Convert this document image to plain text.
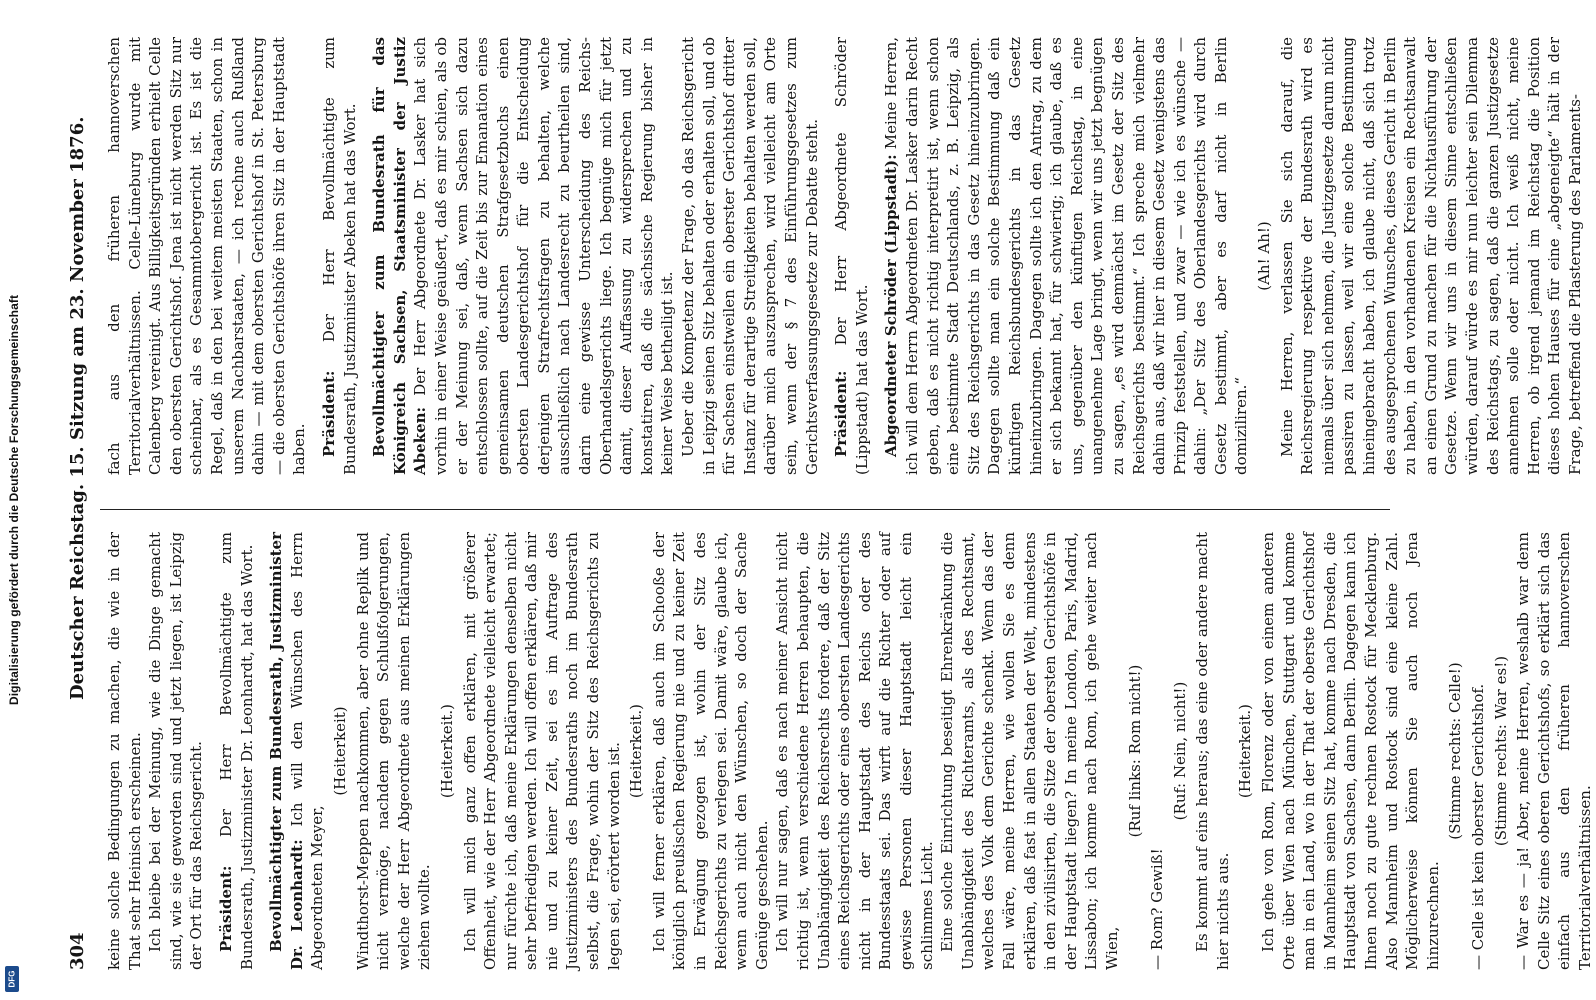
Digitalisierung gefördert durch die Deutsche Forschungsgemeinschaft
DFG
304
Deutscher Reichstag. 15. Sitzung am 23. November 1876.

keine solche Bedingungen zu machen, die wie in der That sehr Heinisch erscheinen. Ich bleibe bei der Meinung, wie die Dinge gemacht sind, wie sie geworden sind und jetzt liegen, ist Leipzig der Ort für das Reichsgericht. Präsident: Der Herr Bevollmächtigte zum Bundesrath, Justizminister Dr. Leonhardt, hat das Wort. Bevollmächtigter zum Bundesrath, Justizminister Dr. Leonhardt: Ich will den Wünschen des Herrn Abgeordneten Meyer,

(Heiterkeit) Windthorst-Meppen nachkommen, aber ohne Replik und nicht vermöge, nachdem gegen Schlußfolgerungen, welche der Herr Abgeordnete aus meinen Erklärungen ziehen wollte.

(Heiterkeit.) Ich will mich ganz offen erklären, mit größerer Offenheit, wie der Herr Abgeordnete vielleicht erwartet; nur fürchte ich, daß meine Erklärungen denselben nicht sehr befriedigen werden. Ich will offen erklären, daß mir nie und zu keiner Zeit, sei es im Auftrage des Justizministers des Bundesraths noch im Bundesrath selbst, die Frage, wohin der Sitz des Reichsgerichts zu legen sei, erörtert worden ist. (Heiterkeit.) Ich will ferner erklären, daß auch im Schooße der königlich preußischen Regierung nie und zu keiner Zeit in Erwägung gezogen ist, wohin der Sitz des Reichsgerichts zu verlegen sei. Damit wäre, glaube ich, wenn auch nicht den Wünschen, so doch der Sache Genüge geschehen. Ich will nur sagen, daß es nach meiner Ansicht nicht richtig ist, wenn verschiedene Herren behaupten, die Unabhängigkeit des Reichsrechts fordere, daß der Sitz eines Reichsgerichts oder eines obersten Landesgerichts nicht in der Hauptstadt des Reichs oder des Bundesstaats sei. Das wirft auf die Richter oder auf gewisse Personen dieser Hauptstadt leicht ein schlimmes Licht. Eine solche Einrichtung beseitigt Ehrenkränkung die Unabhängigkeit des Richteramts, als des Rechtsamt, welches des Volk dem Gerichte schenkt. Wenn das der Fall wäre, meine Herren, wie wollen Sie es denn erklären, daß fast in allen Staaten der Welt, mindestens in den zivilisirten, die Sitze der obersten Gerichtshöfe in der Hauptstadt liegen? In meine London, Paris, Madrid, Lissabon; ich komme nach Rom, ich gehe weiter nach Wien,

(Ruf links: Rom nicht!)

— Rom? Gewiß!

(Ruf: Nein, nicht!) Es kommt auf eins heraus; das eine oder andere macht hier nichts aus.

(Heiterkeit.) Ich gehe von Rom, Florenz oder von einem anderen Orte über Wien nach München, Stuttgart und komme man in ein Land, wo in der That der oberste Gerichtshof in Mannheim seinen Sitz hat, komme nach Dresden, die Hauptstadt von Sachsen, dann Berlin. Dagegen kann ich Ihnen noch zu gute rechnen Rostock für Mecklenburg. Also Mannheim und Rostock sind eine kleine Zahl. Möglicherweise können Sie auch noch Jena hinzurechnen.

(Stimme rechts: Celle!) — Celle ist kein oberster Gerichtshof. (Stimme rechts: War es!) — War es — ja! Aber, meine Herren, weshalb war denn Celle Sitz eines oberen Gerichtshofs, so erklärt sich das einfach aus den früheren hannoverschen Territorialverhältnissen.

fach aus den früheren hannoverschen Territorialverhältnissen. Celle-Lüneburg wurde mit Calenberg vereinigt. Aus Billigkeitsgründen erhielt Celle den obersten Gerichtshof. Jena ist nicht werden Sitz nur scheinbar, als es Gesammtobergericht ist. Es ist die Regel, daß in den bei weitem meisten Staaten, schon in unserem Nachbarstaaten, — ich rechne auch Rußland dahin — mit dem obersten Gerichtshof in St. Petersburg — die obersten Gerichtshöfe ihren Sitz in der Hauptstadt haben. Präsident: Der Herr Bevollmächtigte zum Bundesrath, Justizminister Abeken hat das Wort. Bevollmächtigter zum Bundesrath für das Königreich Sachsen, Staatsminister der Justiz Abeken: Der Herr Abgeordnete Dr. Lasker hat sich vorhin in einer Weise geäußert, daß es mir schien, als ob er der Meinung sei, daß, wenn Sachsen sich dazu entschlossen sollte, auf die Zeit bis zur Emanation eines gemeinsamen deutschen Strafgesetzbuchs einen obersten Landesgerichtshof für die Entscheidung derjenigen Strafrechtsfragen zu behalten, welche ausschließlich nach Landesrecht zu beurtheilen sind, darin eine gewisse Unterscheidung des Reichs-Oberhandelsgerichts liege. Ich begnüge mich für jetzt damit, dieser Auffassung zu widersprechen und zu konstatiren, daß die sächsische Regierung bisher in keiner Weise betheiligt ist. Ueber die Kompetenz der Frage, ob das Reichsgericht in Leipzig seinen Sitz behalten oder erhalten soll, und ob für Sachsen einstweilen ein oberster Gerichtshof dritter Instanz für derartige Streitigkeiten behalten werden soll, darüber mich auszusprechen, wird vielleicht am Orte sein, wenn der § 7 des Einführungsgesetzes zum Gerichtsverfassungsgesetze zur Debatte steht. Präsident: Der Herr Abgeordnete Schröder (Lippstadt) hat das Wort. Abgeordneter Schröder (Lippstadt): Meine Herren, ich will dem Herrn Abgeordneten Dr. Lasker darin Recht geben, daß es nicht richtig interpretirt ist, wenn schon eine bestimmte Stadt Deutschlands, z. B. Leipzig, als Sitz des Reichsgerichts in das Gesetz hineinzubringen. Dagegen sollte man ein solche Bestimmung daß ein künftigen Reichsbundesgerichts in das Gesetz hineinzubringen. Dagegen sollte ich den Antrag, zu dem er sich bekannt hat, für schwierig; ich glaube, daß es uns, gegenüber den künftigen Reichstag, in eine unangenehme Lage bringt, wenn wir uns jetzt begnügen zu sagen, „es wird demnächst im Gesetz der Sitz des Reichsgerichts bestimmt.“ Ich spreche mich vielmehr dahin aus, daß wir hier in diesem Gesetz wenigstens das Prinzip feststellen, und zwar — wie ich es wünsche — dahin: „Der Sitz des Oberlandesgerichts wird durch Gesetz bestimmt, aber es darf nicht in Berlin domiziliren.“

(Ah! Ah!) Meine Herren, verlassen Sie sich darauf, die Reichsregierung respektive der Bundesrath wird es niemals über sich nehmen, die Justizgesetze darum nicht passiren zu lassen, weil wir eine solche Bestimmung hineingebracht haben, ich glaube nicht, daß sich trotz des ausgesprochenen Wunsches, dieses Gericht in Berlin zu haben, in den vorhandenen Kreisen ein Rechtsanwalt an einen Grund zu machen für die Nichtausführung der Gesetze. Wenn wir uns in diesem Sinne entschließen würden, darauf würde es mir nun leichter sein Dilemma des Reichstags, zu sagen, daß die ganzen Justizgesetze annehmen solle oder nicht. Ich weiß nicht, meine Herren, ob irgend jemand im Reichstag die Position dieses hohen Hauses für eine „abgeneigte“ hält in der Frage, betreffend die Pflasterung des Parlaments-
